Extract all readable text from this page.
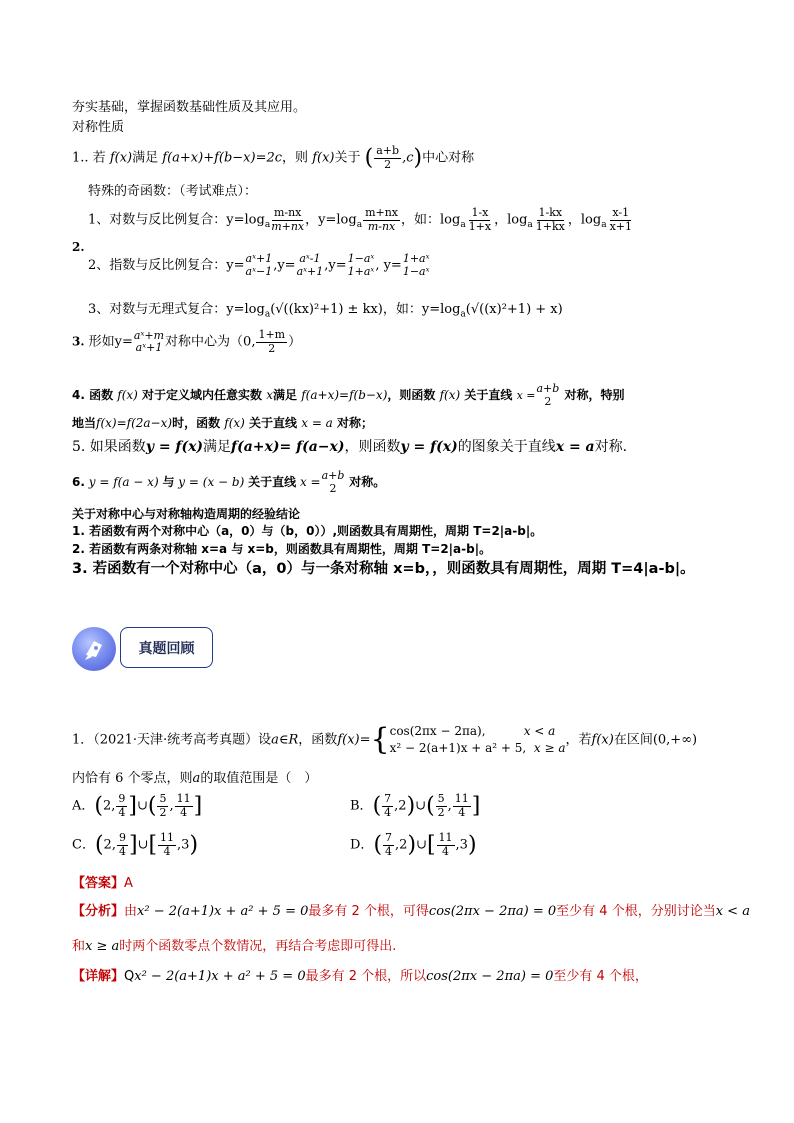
夯实基础，掌握函数基础性质及其应用。
对称性质
1.. 若 f(x)满足 f(a+x)+f(b−x)=2c，则 f(x)关于 ( $\frac{a+b}{2} ,c$)中心对称
2.
特殊的奇函数：（考试难点）：
1、对数与反比例复合：$y=\log_a \frac{m-nx}{m+nx}$ ，$y=\log_a \frac{m+nx}{m-nx}$ ，如：$\log_a \frac{1-x}{1+x}$ ，$\log_a \frac{1-kx}{1+kx}$ ，$\log_a \frac{x-1}{x+1}$
2、指数与反比例复合：y= aˣ+1
aˣ−1 ,y= aˣ-1
aˣ+1 ,y= 1−aˣ
1+aˣ , y= 1+aˣ
1−aˣ
3、对数与无理式复合：$y=\log_a(√((kx)^2+1) \pm kx)$，如：$y=\log_a(√((x)^2+1) + x)$
3. 形如y= aˣ+m
aˣ+1 对称中心为（0, $\frac{1+m}{2}$ ）
4. 函数 f(x) 对于定义域内任意实数 x满足 f(a+x)=f(b−x)，则函数 f(x) 关于直线 x =
a+b
2 对称，特别
地当f(x)=f(2a−x)时，函数 f(x) 关于直线 x = a 对称；
5. 如果函数y = f(x)满足f(a+x)= f(a−x)，则函数y = f(x)的图象关于直线x = a对称.
6. y = f(a − x) 与 y = (x − b) 关于直线 x = a+b
2 对称。
关于对称中心与对称轴构造周期的经验结论
1. 若函数有两个对称中心（a，0）与（b，0））,则函数具有周期性，周期 T=2|a-b|。
2. 若函数有两条对称轴 x=a 与 x=b，则函数具有周期性，周期 T=2|a-b|。
3. 若函数有一个对称中心（a，0）与一条对称轴 x=b，，则函数具有周期性，周期 T=4|a-b|。
真题回顾
1．（2021·天津·统考高考真题）设a∈R，函数f(x)={ cos(2πx − 2πa),	x < a
x² − 2(a+1)x + a² + 5, x ≥ a
，若f(x)在区间(0,+∞)
内恰有 6 个零点，则a的取值范围是（　）
A．(2, $\frac{9}{4}$ ]∪( $\frac{5}{2}$ , $\frac{11}{4}$ ]	B．( $\frac{7}{4}$ ,2)∪( $\frac{5}{2}$ , $\frac{11}{4}$ ]
C．(2, $\frac{9}{4}$ ]∪[ $\frac{11}{4} ,3$)	D．( $\frac{7}{4}$ ,2)∪[ $\frac{11}{4} ,3$)
【答案】A
【分析】由x² − 2(a+1)x + a² + 5 = 0最多有 2 个根，可得cos(2πx − 2πa) = 0至少有 4 个根，分别讨论当x < a
和x ≥ a时两个函数零点个数情况，再结合考虑即可得出.
【详解】Qx² − 2(a+1)x + a² + 5 = 0最多有 2 个根，所以cos(2πx − 2πa) = 0至少有 4 个根，
